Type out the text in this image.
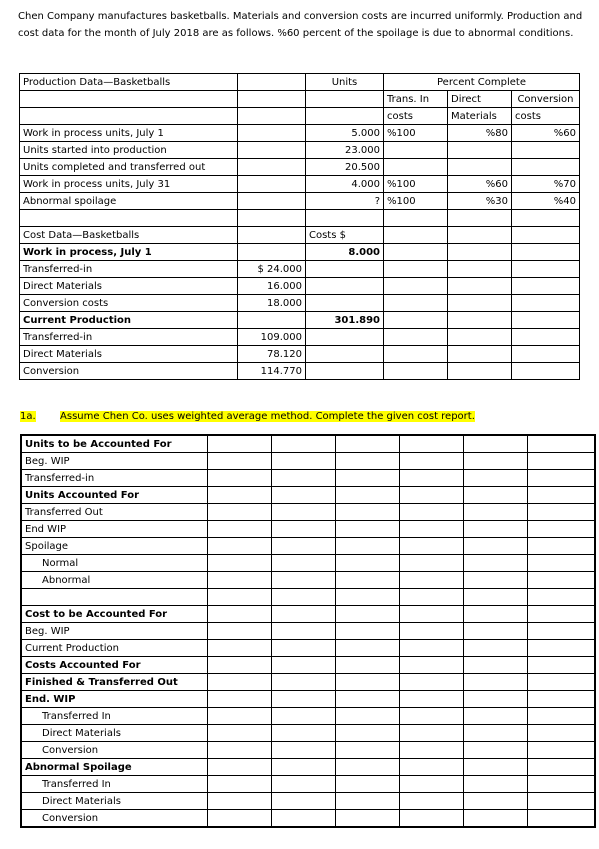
Chen Company manufactures basketballs. Materials and conversion costs are incurred uniformly. Production and cost data for the month of July 2018 are as follows. %60 percent of the spoilage is due to abnormal conditions.
Production Data—Basketballs		Units	Percent Complete		
			Trans. In	Direct	Conversion
			costs	Materials	costs
Work in process units, July 1		5.000	%100	%80	%60
Units started into production		23.000			
Units completed and transferred out		20.500			
Work in process units, July 31		4.000	%100	%60	%70
Abnormal spoilage		?	%100	%30	%40

Cost Data—Basketballs		Costs $			
Work in process, July 1		8.000			
Transferred-in	$ 24.000				
Direct Materials	16.000				
Conversion costs	18.000				
Current Production		301.890			
Transferred-in	109.000				
Direct Materials	78.120				
Conversion	114.770				
1a. Assume Chen Co. uses weighted average method. Complete the given cost report.
Units to be Accounted For						
Beg. WIP						
Transferred-in						
Units Accounted For						
Transferred Out						
End WIP						
Spoilage						
Normal						
Abnormal						

Cost to be Accounted For						
Beg. WIP						
Current Production						
Costs Accounted For						
Finished & Transferred Out						
End. WIP						
Transferred In						
Direct Materials						
Conversion						
Abnormal Spoilage						
Transferred In						
Direct Materials						
Conversion						
